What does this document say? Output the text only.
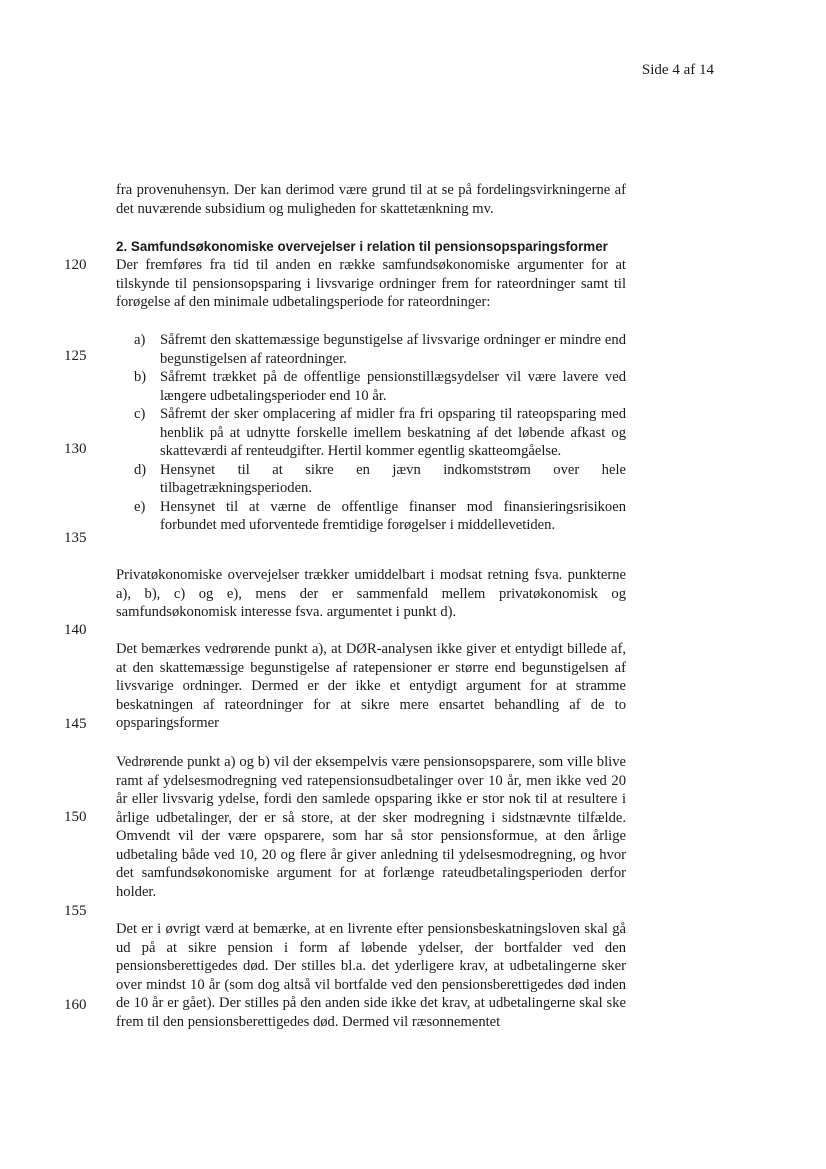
Side 4 af 14
120
125
130
135
140
145
150
155
160

fra provenuhensyn. Der kan derimod være grund til at se på fordelingsvirkningerne af det nuværende subsidium og muligheden for skattetænkning mv.

2. Samfundsøkonomiske overvejelser i relation til pensionsopsparingsformer

Der fremføres fra tid til anden en række samfundsøkonomiske argumenter for at tilskynde til pensionsopsparing i livsvarige ordninger frem for rateordninger samt til forøgelse af den minimale udbetalingsperiode for rateordninger:

a) Såfremt den skattemæssige begunstigelse af livsvarige ordninger er mindre end begunstigelsen af rateordninger.
b) Såfremt trækket på de offentlige pensionstillægsydelser vil være lavere ved længere udbetalingsperioder end 10 år.
c) Såfremt der sker omplacering af midler fra fri opsparing til rateopsparing med henblik på at udnytte forskelle imellem beskatning af det løbende afkast og skatteværdi af renteudgifter. Hertil kommer egentlig skatteomgåelse.
d) Hensynet til at sikre en jævn indkomststrøm over hele tilbagetrækningsperioden.
e) Hensynet til at værne de offentlige finanser mod finansieringsrisikoen forbundet med uforventede fremtidige forøgelser i middellevetiden.

Privatøkonomiske overvejelser trækker umiddelbart i modsat retning fsva. punkterne a), b), c) og e), mens der er sammenfald mellem privatøkonomisk og samfundsøkonomisk interesse fsva. argumentet i punkt d).

Det bemærkes vedrørende punkt a), at DØR-analysen ikke giver et entydigt billede af, at den skattemæssige begunstigelse af ratepensioner er større end begunstigelsen af livsvarige ordninger. Dermed er der ikke et entydigt argument for at stramme beskatningen af rateordninger for at sikre mere ensartet behandling af de to opsparingsformer

Vedrørende punkt a) og b) vil der eksempelvis være pensionsopsparere, som ville blive ramt af ydelsesmodregning ved ratepensionsudbetalinger over 10 år, men ikke ved 20 år eller livsvarig ydelse, fordi den samlede opsparing ikke er stor nok til at resultere i årlige udbetalinger, der er så store, at der sker modregning i sidstnævnte tilfælde. Omvendt vil der være opsparere, som har så stor pensionsformue, at den årlige udbetaling både ved 10, 20 og flere år giver anledning til ydelsesmodregning, og hvor det samfundsøkonomiske argument for at forlænge rateudbetalingsperioden derfor holder.

Det er i øvrigt værd at bemærke, at en livrente efter pensionsbeskatningsloven skal gå ud på at sikre pension i form af løbende ydelser, der bortfalder ved den pensionsberettigedes død. Der stilles bl.a. det yderligere krav, at udbetalingerne sker over mindst 10 år (som dog altså vil bortfalde ved den pensionsberettigedes død inden de 10 år er gået). Der stilles på den anden side ikke det krav, at udbetalingerne skal ske frem til den pensionsberettigedes død. Dermed vil ræsonnementet
